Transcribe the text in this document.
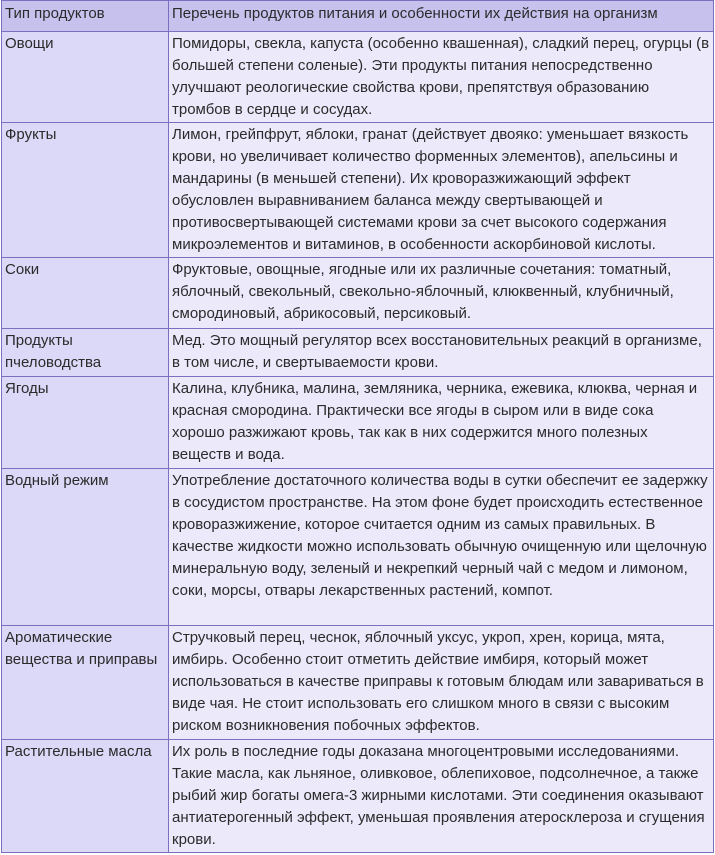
Тип продуктов	Перечень продуктов питания и особенности их действия на организм
Овощи	Помидоры, свекла, капуста (особенно квашенная), сладкий перец, огурцы (в большей степени соленые). Эти продукты питания непосредственно улучшают реологические свойства крови, препятствуя образованию тромбов в сердце и сосудах.
Фрукты	Лимон, грейпфрут, яблоки, гранат (действует двояко: уменьшает вязкость крови, но увеличивает количество форменных элементов), апельсины и мандарины (в меньшей степени). Их кроворазжижающий эффект обусловлен выравниванием баланса между свертывающей и противосвертывающей системами крови за счет высокого содержания микроэлементов и витаминов, в особенности аскорбиновой кислоты.
Соки	Фруктовые, овощные, ягодные или их различные сочетания: томатный, яблочный, свекольный, свекольно-яблочный, клюквенный, клубничный, смородиновый, абрикосовый, персиковый.
Продукты пчеловодства	Мед. Это мощный регулятор всех восстановительных реакций в организме, в том числе, и свертываемости крови.
Ягоды	Калина, клубника, малина, земляника, черника, ежевика, клюква, черная и красная смородина. Практически все ягоды в сыром или в виде сока хорошо разжижают кровь, так как в них содержится много полезных веществ и вода.
Водный режим	Употребление достаточного количества воды в сутки обеспечит ее задержку в сосудистом пространстве. На этом фоне будет происходить естественное кроворазжижение, которое считается одним из самых правильных. В качестве жидкости можно использовать обычную очищенную или щелочную минеральную воду, зеленый и некрепкий черный чай с медом и лимоном, соки, морсы, отвары лекарственных растений, компот.
Ароматические вещества и приправы	Стручковый перец, чеснок, яблочный уксус, укроп, хрен, корица, мята, имбирь. Особенно стоит отметить действие имбиря, который может использоваться в качестве приправы к готовым блюдам или завариваться в виде чая. Не стоит использовать его слишком много в связи с высоким риском возникновения побочных эффектов.
Растительные масла	Их роль в последние годы доказана многоцентровыми исследованиями. Такие масла, как льняное, оливковое, облепиховое, подсолнечное, а также рыбий жир богаты омега-3 жирными кислотами. Эти соединения оказывают антиатерогенный эффект, уменьшая проявления атеросклероза и сгущения крови.
